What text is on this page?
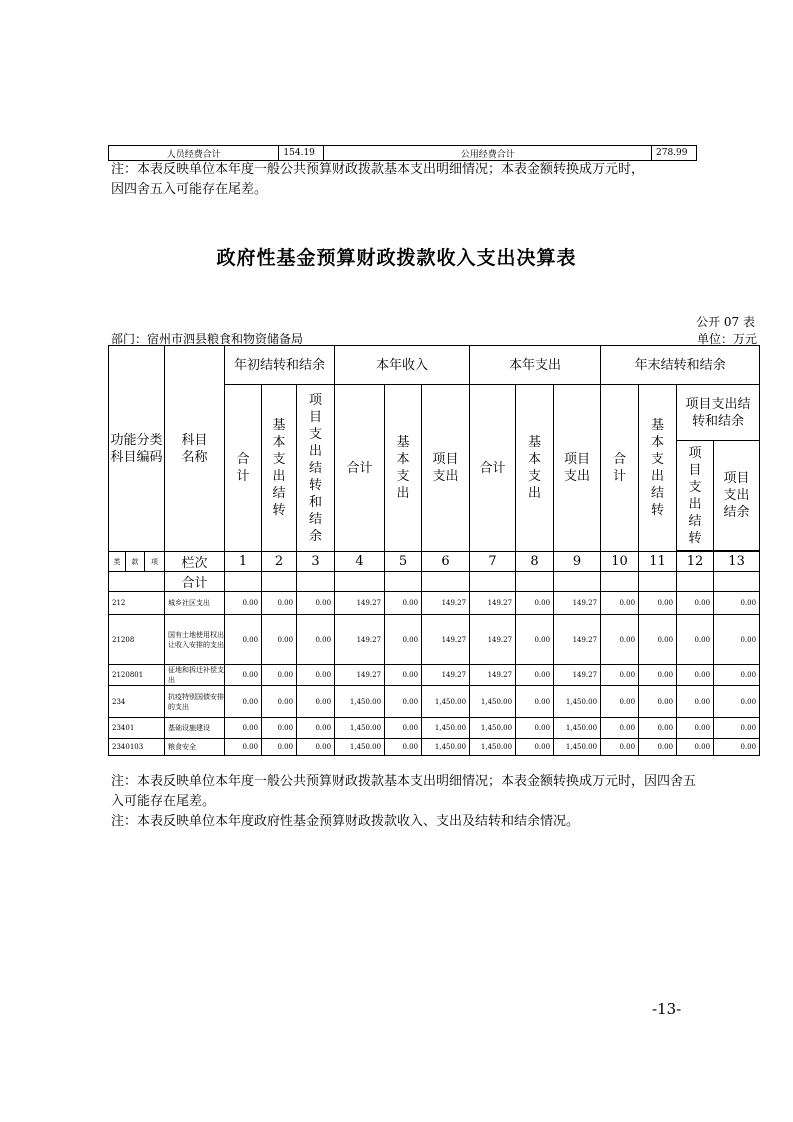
人员经费合计	154.19	公用经费合计	278.99
注：本表反映单位本年度一般公共预算财政拨款基本支出明细情况；本表金额转换成万元时，
因四舍五入可能存在尾差。
政府性基金预算财政拨款收入支出决算表
公开 07 表
部门：宿州市泗县粮食和物资储备局	单位：万元
功能分类科目编码			科目名称	年初结转和结余			本年收入			本年支出			年末结转和结余			
				合计	基本支出结转	项目支出结转和结余	合计	基本支出	项目支出	合计	基本支出	项目支出	合计	基本支出结转	项目支出结转和结余	

															项目支出结转	项目支出结余

类	款	项	栏次	1	2	3	4	5	6	7	8	9	10	11	12	13
			合计													
212			城乡社区支出	0.00	0.00	0.00	149.27	0.00	149.27	149.27	0.00	149.27	0.00	0.00	0.00	0.00
21208			国有土地使用权出让收入安排的支出	0.00	0.00	0.00	149.27	0.00	149.27	149.27	0.00	149.27	0.00	0.00	0.00	0.00
2120801			征地和拆迁补偿支出	0.00	0.00	0.00	149.27	0.00	149.27	149.27	0.00	149.27	0.00	0.00	0.00	0.00
234			抗疫特别国债安排的支出	0.00	0.00	0.00	1,450.00	0.00	1,450.00	1,450.00	0.00	1,450.00	0.00	0.00	0.00	0.00
23401			基础设施建设	0.00	0.00	0.00	1,450.00	0.00	1,450.00	1,450.00	0.00	1,450.00	0.00	0.00	0.00	0.00
2340103			粮食安全	0.00	0.00	0.00	1,450.00	0.00	1,450.00	1,450.00	0.00	1,450.00	0.00	0.00	0.00	0.00
注：本表反映单位本年度一般公共预算财政拨款基本支出明细情况；本表金额转换成万元时，因四舍五
入可能存在尾差。
注：本表反映单位本年度政府性基金预算财政拨款收入、支出及结转和结余情况。
-13-
